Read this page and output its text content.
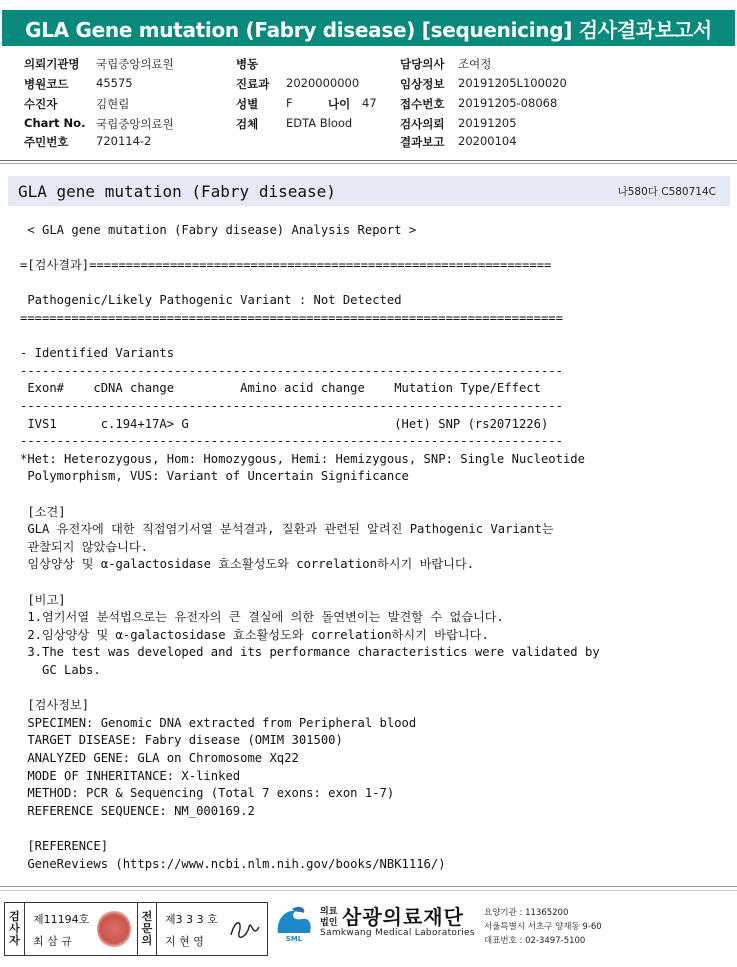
GLA Gene mutation (Fabry disease) [sequenicing] 검사결과보고서
의뢰기관명 국립중앙의료원	병동	담당의사 조여정
병원코드 45575	진료과 2020000000	임상정보 20191205L100020
수진자	김현림	성별 F	나이 47 접수번호 20191205-08068
Chart No. 국립중앙의료원	검체 EDTA Blood	검사의뢰 20191205
주민번호 720114-2	결과보고 20200104
GLA gene mutation (Fabry disease)	나580다 C580714C
< GLA gene mutation (Fabry disease) Analysis Report >
=[검사결과]===============================================================
Pathogenic/Likely Pathogenic Variant : Not Detected
==========================================================================
- Identified Variants
--------------------------------------------------------------------------
Exon#    cDNA change         Amino acid change    Mutation Type/Effect
--------------------------------------------------------------------------
IVS1      c.194+17A> G                            (Het) SNP (rs2071226)
--------------------------------------------------------------------------
*Het: Heterozygous, Hom: Homozygous, Hemi: Hemizygous, SNP: Single Nucleotide
Polymorphism, VUS: Variant of Uncertain Significance
[소견]
GLA 유전자에 대한 직접염기서열 분석결과, 질환과 관련된 알려진 Pathogenic Variant는
관찰되지 않았습니다.
임상양상 및 α-galactosidase 효소활성도와 correlation하시기 바랍니다.
[비고]
1.염기서열 분석법으로는 유전자의 큰 결실에 의한 돌연변이는 발견할 수 없습니다.
2.임상양상 및 α-galactosidase 효소활성도와 correlation하시기 바랍니다.
3.The test was developed and its performance characteristics were validated by
GC Labs.
[검사정보]
SPECIMEN: Genomic DNA extracted from Peripheral blood
TARGET DISEASE: Fabry disease (OMIM 301500)
ANALYZED GENE: GLA on Chromosome Xq22
MODE OF INHERITANCE: X-linked
METHOD: PCR & Sequencing (Total 7 exons: exon 1-7)
REFERENCE SEQUENCE: NM_000169.2
[REFERENCE]
GeneReviews (https://www.ncbi.nlm.nih.gov/books/NBK1116/)
검
사
자

제11194호
최 삼 규
전
문
의

제3 3 3 호
지 현 영	SML
의료
법인 삼광의료재단
Samkwang Medical Laboratories
요양기관 : 11365200
서울특별시 서초구 양재동 9-60
대표번호 : 02-3497-5100
